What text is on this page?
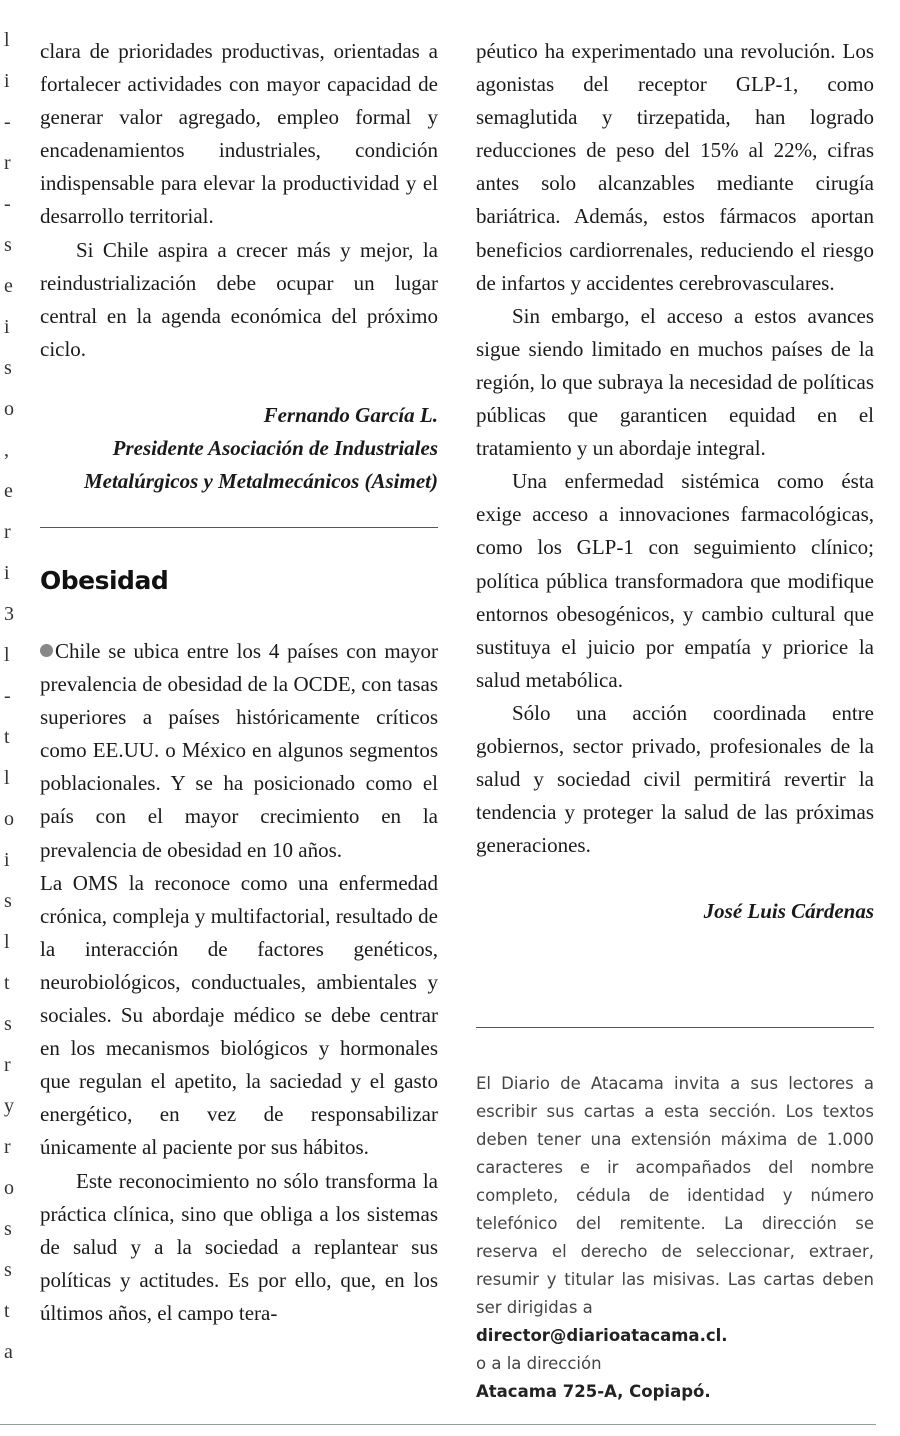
l
i
-
r
-
s
e
i
s
o
,
e
r
i
3
l
-
t
l
o
i
s
l
t
s
r
y
r
o
s
s
t
a

clara de prioridades productivas, orientadas a fortalecer actividades con mayor capacidad de generar valor agregado, empleo formal y encadenamientos industriales, condición indispensable para elevar la productividad y el desarrollo territorial.

Si Chile aspira a crecer más y mejor, la reindustrialización debe ocupar un lugar central en la agenda económica del próximo ciclo.

Fernando García L.
Presidente Asociación de Industriales
Metalúrgicos y Metalmecánicos (Asimet)
Obesidad

Chile se ubica entre los 4 países con mayor prevalencia de obesidad de la OCDE, con tasas superiores a países históricamente críticos como EE.UU. o México en algunos segmentos poblacionales. Y se ha posicionado como el país con el mayor crecimiento en la prevalencia de obesidad en 10 años.

La OMS la reconoce como una enfermedad crónica, compleja y multifactorial, resultado de la interacción de factores genéticos, neurobiológicos, conductuales, ambientales y sociales. Su abordaje médico se debe centrar en los mecanismos biológicos y hormonales que regulan el apetito, la saciedad y el gasto energético, en vez de responsabilizar únicamente al paciente por sus hábitos.

Este reconocimiento no sólo transforma la práctica clínica, sino que obliga a los sistemas de salud y a la sociedad a replantear sus políticas y actitudes. Es por ello, que, en los últimos años, el campo tera-

péutico ha experimentado una revolución. Los agonistas del receptor GLP-1, como semaglutida y tirzepatida, han logrado reducciones de peso del 15% al 22%, cifras antes solo alcanzables mediante cirugía bariátrica. Además, estos fármacos aportan beneficios cardiorrenales, reduciendo el riesgo de infartos y accidentes cerebrovasculares.

Sin embargo, el acceso a estos avances sigue siendo limitado en muchos países de la región, lo que subraya la necesidad de políticas públicas que garanticen equidad en el tratamiento y un abordaje integral.

Una enfermedad sistémica como ésta exige acceso a innovaciones farmacológicas, como los GLP-1 con seguimiento clínico; política pública transformadora que modifique entornos obesogénicos, y cambio cultural que sustituya el juicio por empatía y priorice la salud metabólica.

Sólo una acción coordinada entre gobiernos, sector privado, profesionales de la salud y sociedad civil permitirá revertir la tendencia y proteger la salud de las próximas generaciones.

José Luis Cárdenas

El Diario de Atacama invita a sus lectores a escribir sus cartas a esta sección. Los textos deben tener una extensión máxima de 1.000 caracteres e ir acompañados del nombre completo, cédula de identidad y número telefónico del remitente. La dirección se reserva el derecho de seleccionar, extraer, resumir y titular las misivas. Las cartas deben ser dirigidas a

director@diarioatacama.cl.

o a la dirección

Atacama 725-A, Copiapó.
